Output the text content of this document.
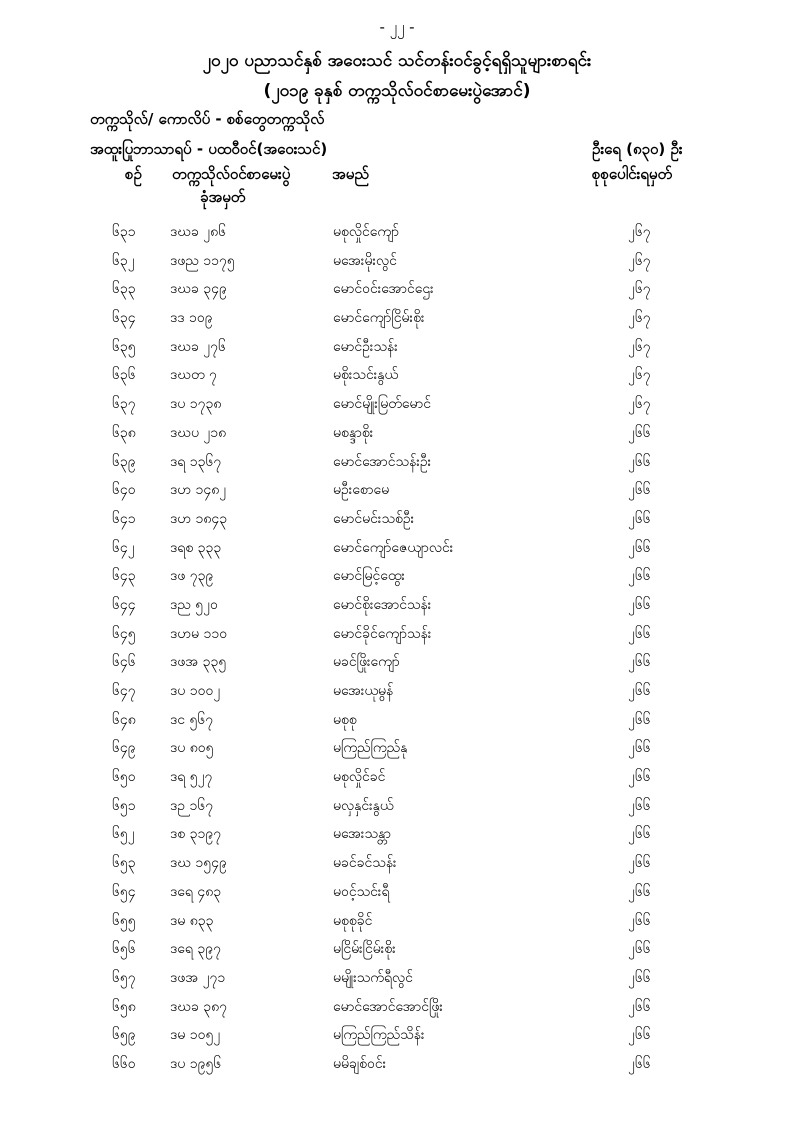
- ၂၂ -
၂၀၂၀ ပညာသင်နှစ် အဝေးသင် သင်တန်းဝင်ခွင့်ရရှိသူများစာရင်း
(၂၀၁၉ ခုနှစ် တက္ကသိုလ်ဝင်စာမေးပွဲအောင်)
တက္ကသိုလ်/ ကောလိပ် - စစ်တွေတက္ကသိုလ်
အထူးပြုဘာသာရပ် - ပထဝီဝင်(အဝေးသင်)	ဦးရေ (၈၃၀) ဦး
စဉ် တက္ကသိုလ်ဝင်စာမေးပွဲ
ခုံအမှတ်
အမည်	စုစုပေါင်းရမှတ်
၆၃၁ ဒဃခ ၂၈၆	မစုလှိုင်ကျော်	၂၆၇
၆၃၂	ဒဖည ၁၁၇၅	မအေးမိုးလွင်	၂၆၇
၆၃၃ ဒဃခ ၃၄၉	မောင်ဝင်းအောင်ဌေး	၂၆၇
၆၃၄ ဒဒ ၁၀၉	မောင်ကျော်ငြိမ်းစိုး	၂၆၇
၆၃၅ ဒဃခ ၂၇၆	မောင်ဦးသန်း	၂၆၇
၆၃၆ ဒဃတ ၇	မစိုးသင်းနွယ်	၂၆၇
၆၃၇ ဒပ ၁၇၃၈	မောင်မျိုးမြတ်မောင်	၂၆၇
၆၃၈ ဒဃပ ၂၁၈	မစန္ဒာစိုး	၂၆၆
၆၃၉ ဒရ ၁၃၆၇	မောင်အောင်သန်းဦး	၂၆၆
၆၄၀ ဒဟ ၁၄၈၂	မဦးစောမေ	၂၆၆
၆၄၁ ဒဟ ၁၈၄၃	မောင်မင်းသစ်ဦး	၂၆၆
၆၄၂	ဒရစ ၃၃၃	မောင်ကျော်ဇေယျာလင်း	၂၆၆
၆၄၃ ဒဖ ၇၃၉	မောင်မြင့်ထွေး	၂၆၆
၆၄၄ ဒည ၅၂၀	မောင်စိုးအောင်သန်း	၂၆၆
၆၄၅ ဒဟမ ၁၁၀	မောင်ခိုင်ကျော်သန်း	၂၆၆
၆၄၆ ဒဖအ ၃၃၅	မခင်ဖြိုးကျော်	၂၆၆
၆၄၇ ဒပ ၁၀၀၂	မအေးယုမွန်	၂၆၆
၆၄၈ ဒင ၅၆၇	မစုစု	၂၆၆
၆၄၉ ဒပ ၈၀၅	မကြည်ကြည်နု	၂၆၆
၆၅၀ ဒရ ၅၂၇	မစုလှိုင်ခင်	၂၆၆
၆၅၁ ဒဉ ၁၆၇	မလှနှင်းနွယ်	၂၆၆
၆၅၂	ဒစ ၃၁၉၇	မအေးသန္တာ	၂၆၆
၆၅၃ ဒဃ ၁၅၄၉	မခင်ခင်သန်း	၂၆၆
၆၅၄ ဒရေ ၄၈၃	မဝင့်သင်းရီ	၂၆၆
၆၅၅ ဒမ ၈၃၃	မစုစုခိုင်	၂၆၆
၆၅၆ ဒရေ ၃၉၇	မငြိမ်းငြိမ်းစိုး	၂၆၆
၆၅၇ ဒဖအ ၂၇၁	မမျိုးသက်ရီလွင်	၂၆၆
၆၅၈ ဒဃခ ၃၈၇	မောင်အောင်အောင်ဖြိုး	၂၆၆
၆၅၉ ဒမ ၁၀၅၂	မကြည်ကြည်သိန်း	၂၆၆
၆၆၀ ဒပ ၁၉၅၆	မမိချစ်ဝင်း	၂၆၆
